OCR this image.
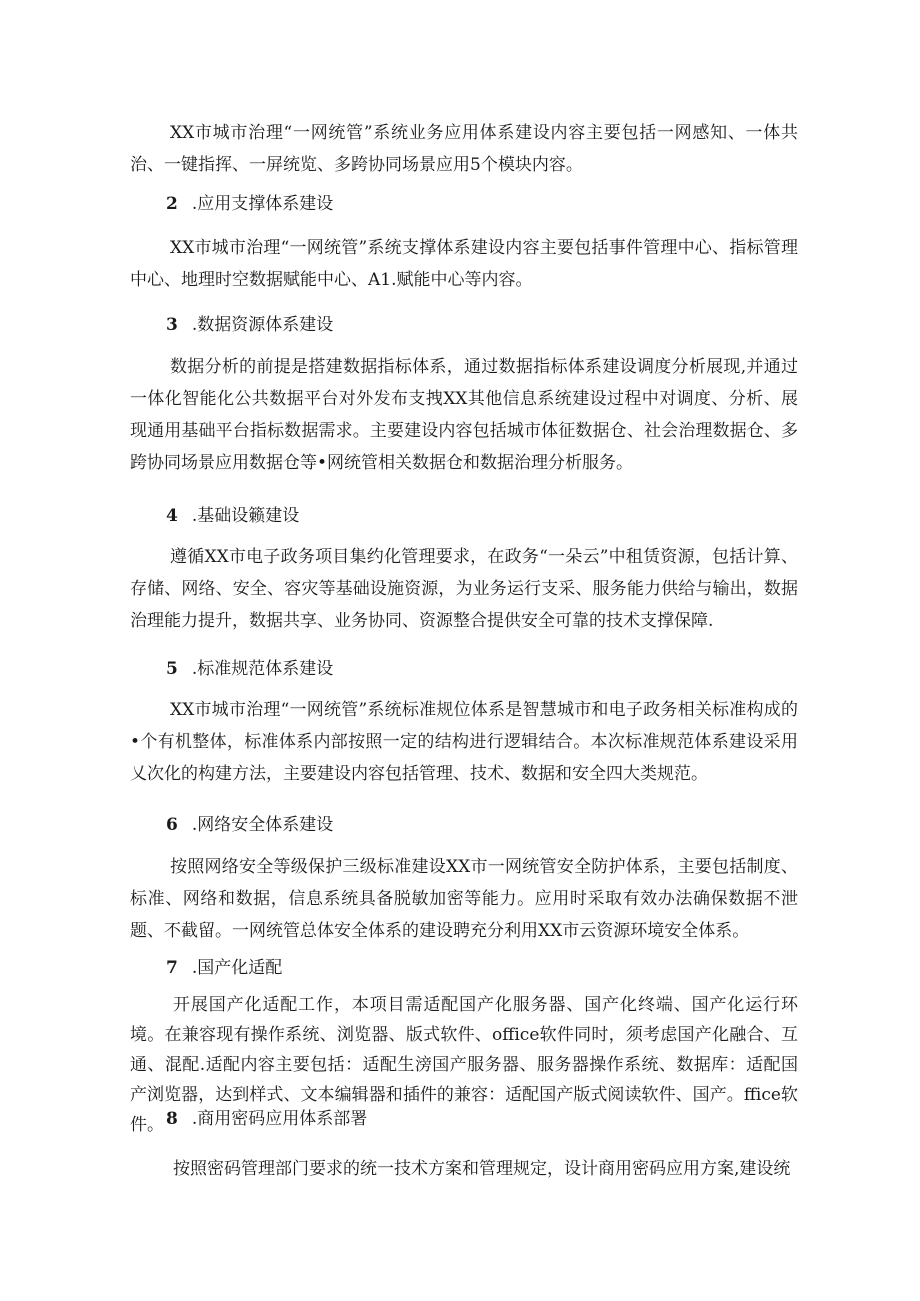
XX市城市治理“一网统管”系统业务应用体系建设内容主要包括一网感知、一体共治、一键指挥、一屏统览、多跨协同场景应用5个模块内容。

2 .应用支撑体系建设

XX市城市治理“一网统管”系统支撑体系建设内容主要包括事件管理中心、指标管理中心、地理时空数据赋能中心、A1.赋能中心等内容。

3 .数据资源体系建设

数据分析的前提是搭建数据指标体系，通过数据指标体系建设调度分析展现,并通过一体化智能化公共数据平台对外发布支拽XX其他信息系统建设过程中对调度、分析、展现通用基础平台指标数据需求。主要建设内容包括城市体征数据仓、社会治理数据仓、多跨协同场景应用数据仓等•网统管相关数据仓和数据治理分析服务。

4 .基础设籁建设

遵循XX市电子政务项目集约化管理要求，在政务“一朵云”中租赁资源，包括计算、存储、网络、安全、容灾等基础设施资源，为业务运行支采、服务能力供给与输出，数据治理能力提升，数据共享、业务协同、资源整合提供安全可靠的技术支撑保障.

5 .标准规范体系建设

XX市城市治理“一网统管”系统标准规位体系是智慧城市和电子政务相关标准构成的•个有机整体，标准体系内部按照一定的结构进行逻辑结合。本次标准规范体系建设采用乂次化的构建方法，主要建设内容包括管理、技术、数据和安全四大类规范。

6 .网络安全体系建设

按照网络安全等级保护三级标准建设XX市一网统管安全防护体系，主要包括制度、标准、网络和数据，信息系统具备脱敏加密等能力。应用时采取有效办法确保数据不泄题、不截留。一网统管总体安全体系的建设聘充分利用XX市云资源环境安全体系。

7 .国产化适配

开展国产化适配工作，本项目需适配国产化服务器、国产化终端、国产化运行环境。在兼容现有操作系统、浏览器、版式软件、office软件同时，须考虑国产化融合、互通、混配.适配内容主要包括：适配生滂国产服务器、服务器操作系统、数据库：适配国产浏览器，达到样式、文本编辑器和插件的兼容：适配国产版式阅读软件、国产。ffice软件。 8 .商用密码应用体系部署

按照密码管理部门要求的统一技术方案和管理规定，设计商用密码应用方案,建设统
